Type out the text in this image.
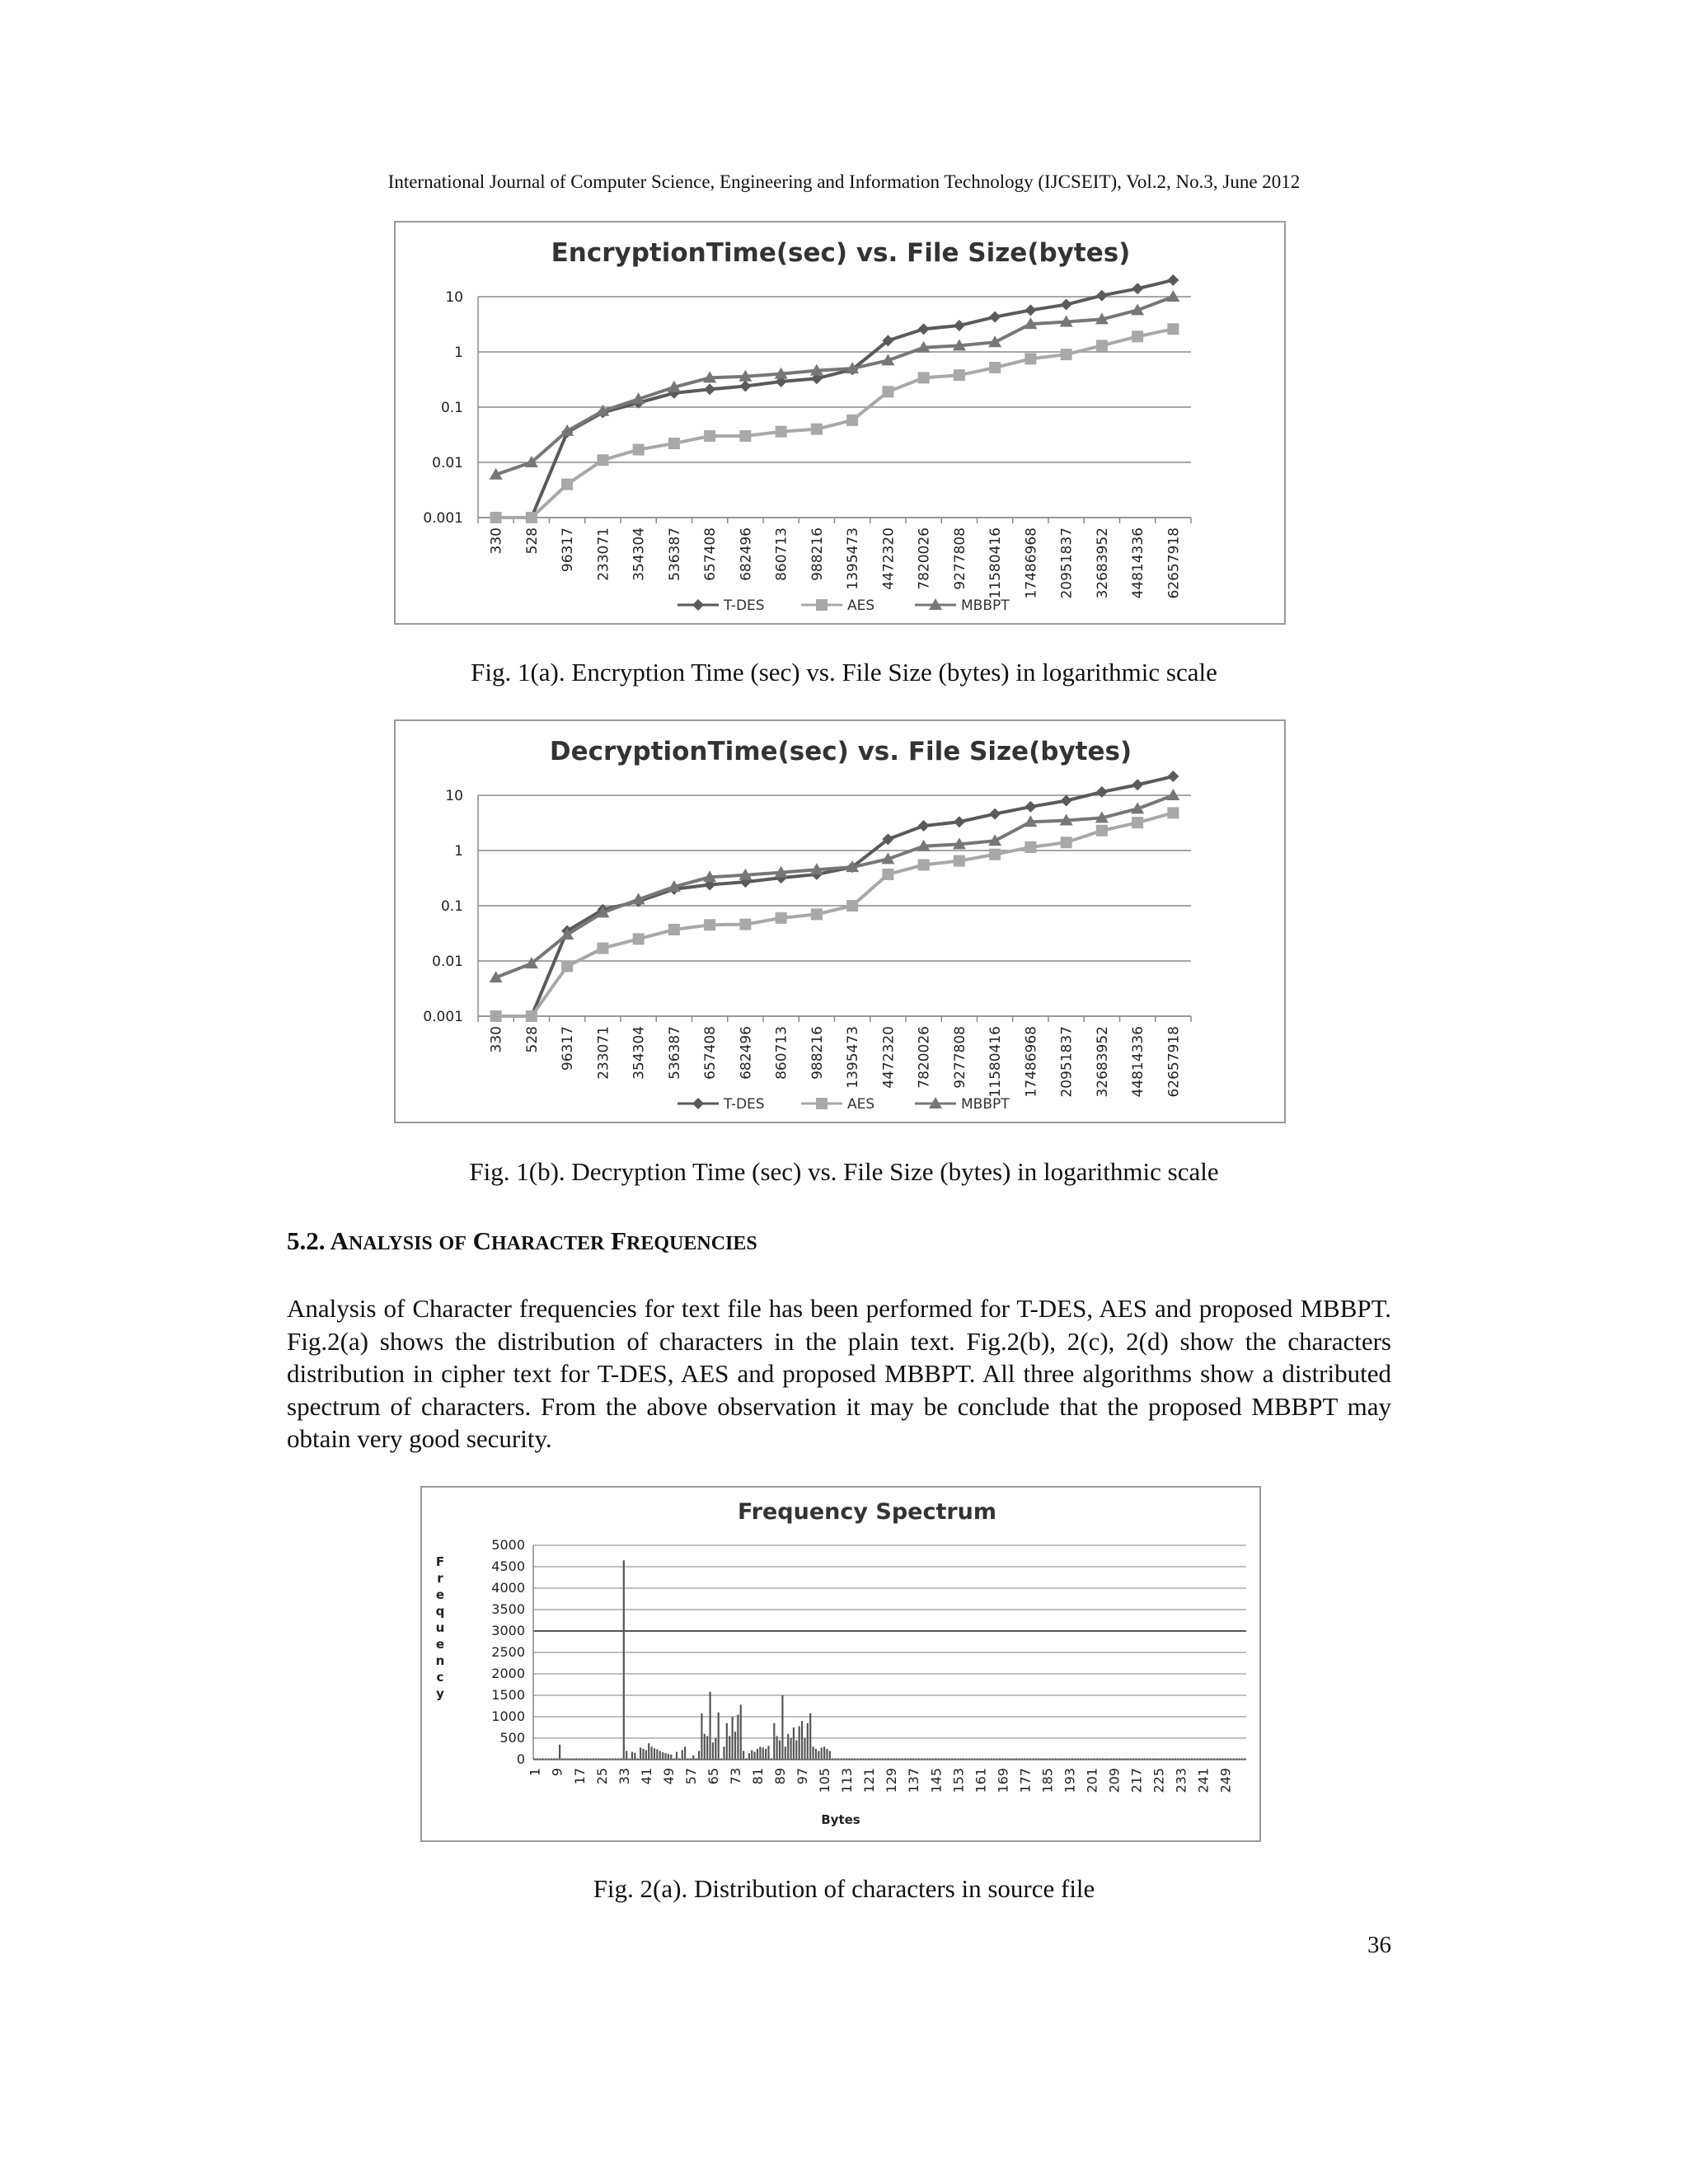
International Journal of Computer Science, Engineering and Information Technology (IJCSEIT), Vol.2, No.3, June 2012
EncryptionTime(sec) vs. File Size(bytes)
10
1
0.1
0.01
0.001
330 528 96317 233071 354304 536387 657408 682496 860713 988216 1395473 4472320 7820026 9277808 11580416 17486968 20951837 32683952 44814336 62657918
T-DES	AES	MBBPT
Fig. 1(a). Encryption Time (sec) vs. File Size (bytes) in logarithmic scale
DecryptionTime(sec) vs. File Size(bytes)
10
1
0.1
0.01
0.001
330 528 96317 233071 354304 536387 657408 682496 860713 988216 1395473 4472320 7820026 9277808 11580416 17486968 20951837 32683952 44814336 62657918
T-DES	AES	MBBPT
Fig. 1(b). Decryption Time (sec) vs. File Size (bytes) in logarithmic scale
5.2. ANALYSIS OF CHARACTER FREQUENCIES
Analysis of Character frequencies for text file has been performed for T-DES, AES and proposed MBBPT. Fig.2(a) shows the distribution of characters in the plain text. Fig.2(b), 2(c), 2(d) show the characters distribution in cipher text for T-DES, AES and proposed MBBPT. All three algorithms show a distributed spectrum of characters. From the above observation it may be conclude that the proposed MBBPT may obtain very good security.
Frequency Spectrum
5000
4500
4000
3500
3000
2500
2000
1500
1000
500
0
F
r
e
q
u
e
n
c
y
1 9 17 25 33 41 49 57 65 73 81 89 97 105 113 121 129 137 145 153 161 169 177 185 193 201 209 217 225 233 241 249
Bytes
Fig. 2(a). Distribution of characters in source file
36
